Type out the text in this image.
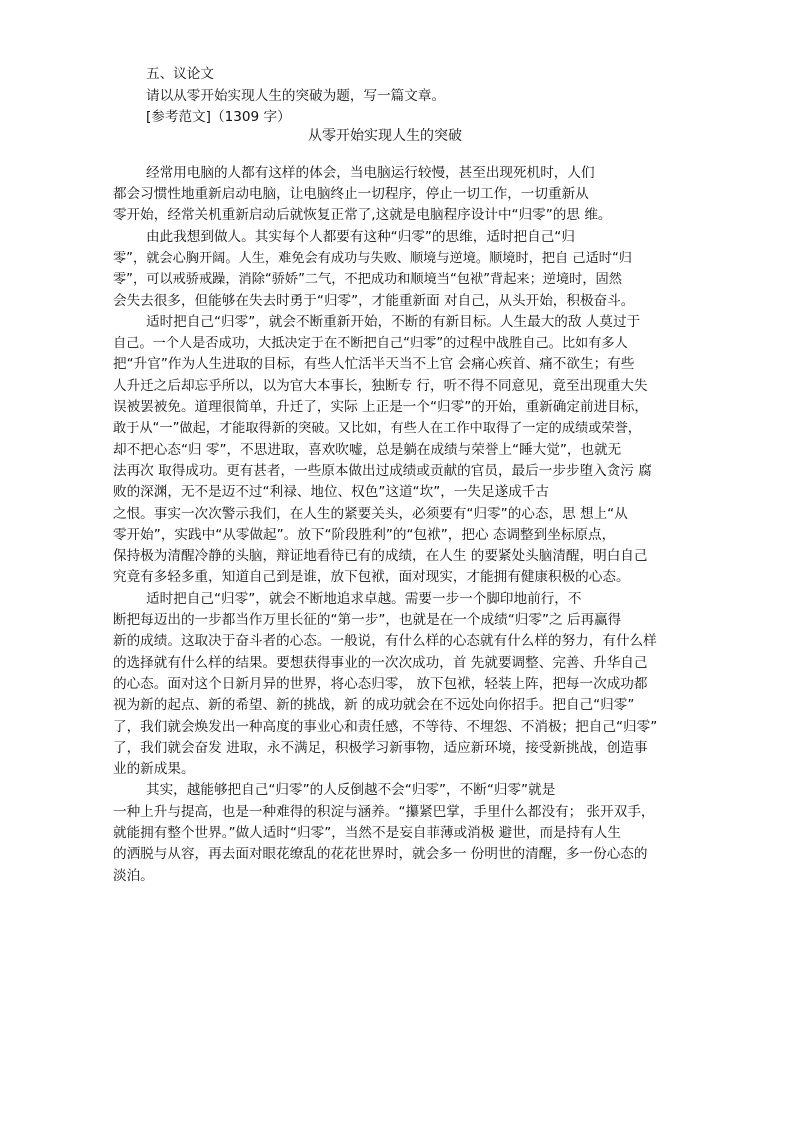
五、议论文
请以从零开始实现人生的突破为题，写一篇文章。
[参考范文]（1309 字）
从零开始实现人生的突破
经常用电脑的人都有这样的体会，当电脑运行较慢，甚至出现死机时，人们
都会习惯性地重新启动电脑，让电脑终止一切程序，停止一切工作，一切重新从
零开始，经常关机重新启动后就恢复正常了,这就是电脑程序设计中“归零”的思 维。
由此我想到做人。其实每个人都要有这种“归零”的思维，适时把自己“归
零”，就会心胸开阔。人生，难免会有成功与失败、顺境与逆境。顺境时，把自 己适时“归
零”，可以戒骄戒躁，消除“骄娇”二气，不把成功和顺境当“包袱”背起来；逆境时，固然
会失去很多，但能够在失去时勇于“归零”，才能重新面 对自己，从头开始，积极奋斗。
适时把自己“归零”，就会不断重新开始，不断的有新目标。人生最大的敌 人莫过于
自己。一个人是否成功，大抵决定于在不断把自己“归零”的过程中战胜自己。比如有多人
把“升官”作为人生进取的目标，有些人忙活半天当不上官 会痛心疾首、痛不欲生；有些
人升迁之后却忘乎所以，以为官大本事长，独断专 行，听不得不同意见，竟至出现重大失
误被罢被免。道理很简单，升迁了，实际 上正是一个“归零”的开始，重新确定前进目标，
敢于从“一”做起，才能取得新的突破。又比如，有些人在工作中取得了一定的成绩或荣誉，
却不把心态“归 零”，不思进取，喜欢吹嘘，总是躺在成绩与荣誉上“睡大觉”，也就无
法再次 取得成功。更有甚者，一些原本做出过成绩或贡献的官员，最后一步步堕入贪污 腐
败的深渊，无不是迈不过“利禄、地位、权色”这道“坎”，一失足遂成千古
之恨。事实一次次警示我们，在人生的紧要关头，必须要有“归零”的心态，思 想上“从
零开始”，实践中“从零做起”。放下“阶段胜利”的“包袱”，把心 态调整到坐标原点，
保持极为清醒冷静的头脑，辩证地看待已有的成绩，在人生 的要紧处头脑清醒，明白自己
究竟有多轻多重，知道自己到是谁，放下包袱，面对现实，才能拥有健康积极的心态。
适时把自己“归零”，就会不断地追求卓越。需要一步一个脚印地前行，不
断把每迈出的一步都当作万里长征的“第一步”，也就是在一个成绩“归零”之 后再赢得
新的成绩。这取决于奋斗者的心态。一般说，有什么样的心态就有什么样的努力，有什么样
的选择就有什么样的结果。要想获得事业的一次次成功，首 先就要调整、完善、升华自己
的心态。面对这个日新月异的世界，将心态归零， 放下包袱，轻装上阵，把每一次成功都
视为新的起点、新的希望、新的挑战，新 的成功就会在不远处向你招手。把自己“归零”
了，我们就会焕发出一种高度的事业心和责任感，不等待、不埋怨、不消极；把自己“归零”
了，我们就会奋发 进取，永不满足，积极学习新事物，适应新环境，接受新挑战，创造事
业的新成果。
其实，越能够把自己“归零”的人反倒越不会“归零”，不断“归零”就是
一种上升与提高，也是一种难得的积淀与涵养。“攥紧巴掌，手里什么都没有； 张开双手，
就能拥有整个世界。”做人适时“归零”，当然不是妄自菲薄或消极 避世，而是持有人生
的洒脱与从容，再去面对眼花缭乱的花花世界时，就会多一 份明世的清醒，多一份心态的
淡泊。
